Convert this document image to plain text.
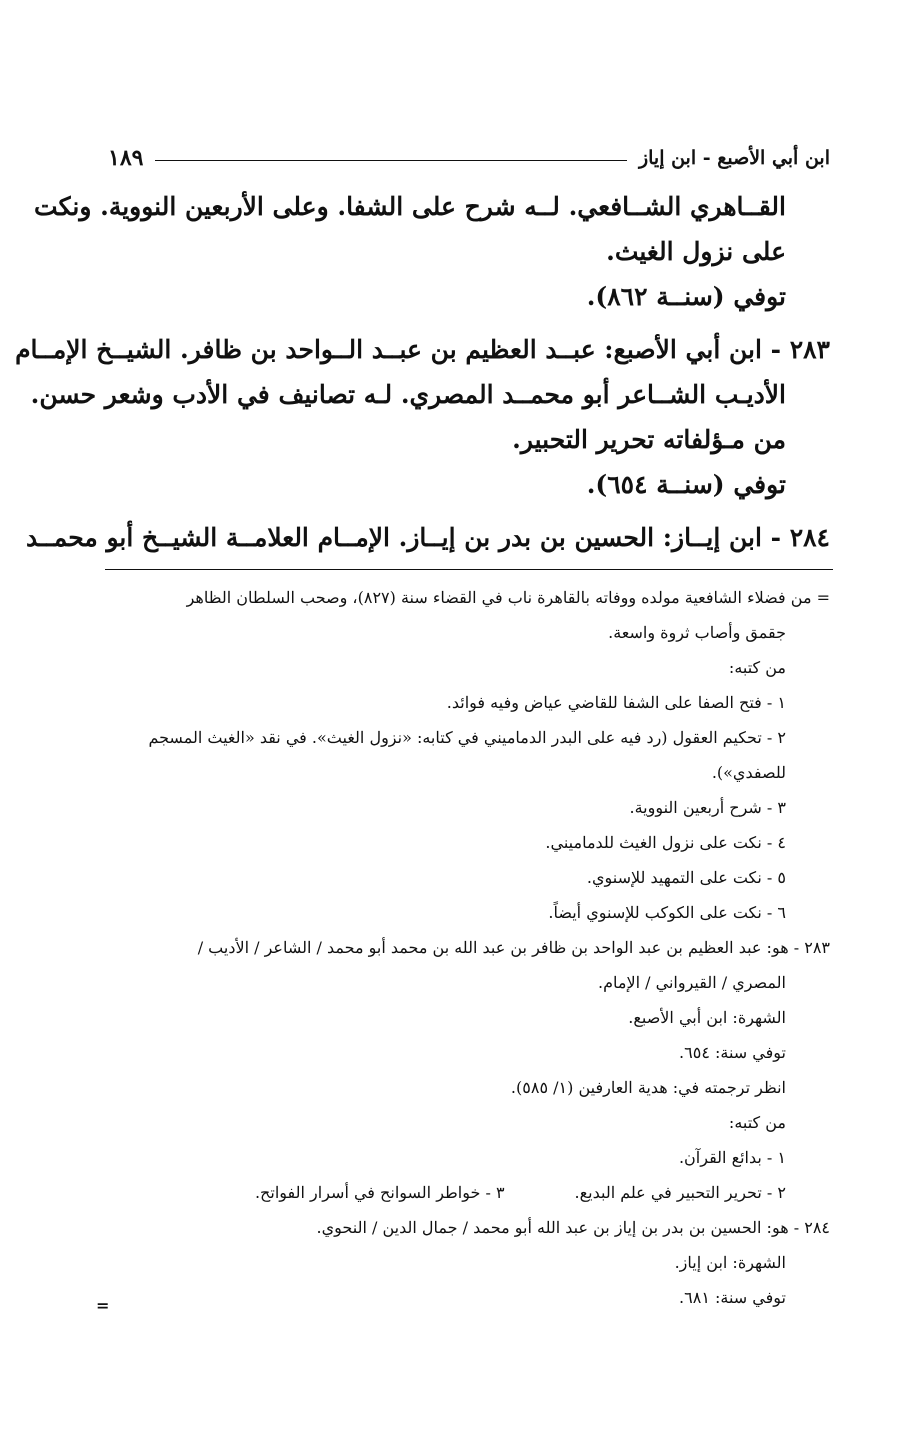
ابن أبي الأصبع - ابن إياز
١٨٩
القــاهري الشــافعي. لــه شرح على الشفا. وعلى الأربعين النووية. ونكت
على نزول الغيث.
توفي (سنــة ٨٦٢).
٢٨٣ - ابن أبي الأصبع: عبــد العظيم بن عبــد الــواحد بن ظافر. الشيــخ الإمــام
الأديـب الشــاعر أبو محمــد المصري. لـه تصانيف في الأدب وشعر حسن.
من مـؤلفاته تحرير التحبير.
توفي (سنــة ٦٥٤).
٢٨٤ - ابن إيــاز: الحسين بن بدر بن إيــاز. الإمــام العلامــة الشيــخ أبو محمــد
= من فضلاء الشافعية مولده ووفاته بالقاهرة ناب في القضاء سنة (٨٢٧)، وصحب السلطان الظاهر
جقمق وأصاب ثروة واسعة.
من كتبه:
١ - فتح الصفا على الشفا للقاضي عياض وفيه فوائد.
٢ - تحكيم العقول (رد فيه على البدر الدماميني في كتابه: «نزول الغيث». في نقد «الغيث المسجم
للصفدي»).
٣ - شرح أربعين النووية.
٤ - نكت على نزول الغيث للدماميني.
٥ - نكت على التمهيد للإسنوي.
٦ - نكت على الكوكب للإسنوي أيضاً.
٢٨٣ - هو: عبد العظيم بن عبد الواحد بن ظافر بن عبد الله بن محمد أبو محمد / الشاعر / الأديب /
المصري / القيرواني / الإمام.
الشهرة: ابن أبي الأصبع.
توفي سنة: ٦٥٤.
انظر ترجمته في: هدية العارفين (١/ ٥٨٥).
من كتبه:
١ - بدائع القرآن.
٢ - تحرير التحبير في علم البديع.
٣ - خواطر السوانح في أسرار الفواتح.
٢٨٤ - هو: الحسين بن بدر بن إياز بن عبد الله أبو محمد / جمال الدين / النحوي.
الشهرة: ابن إياز.
توفي سنة: ٦٨١.
=
